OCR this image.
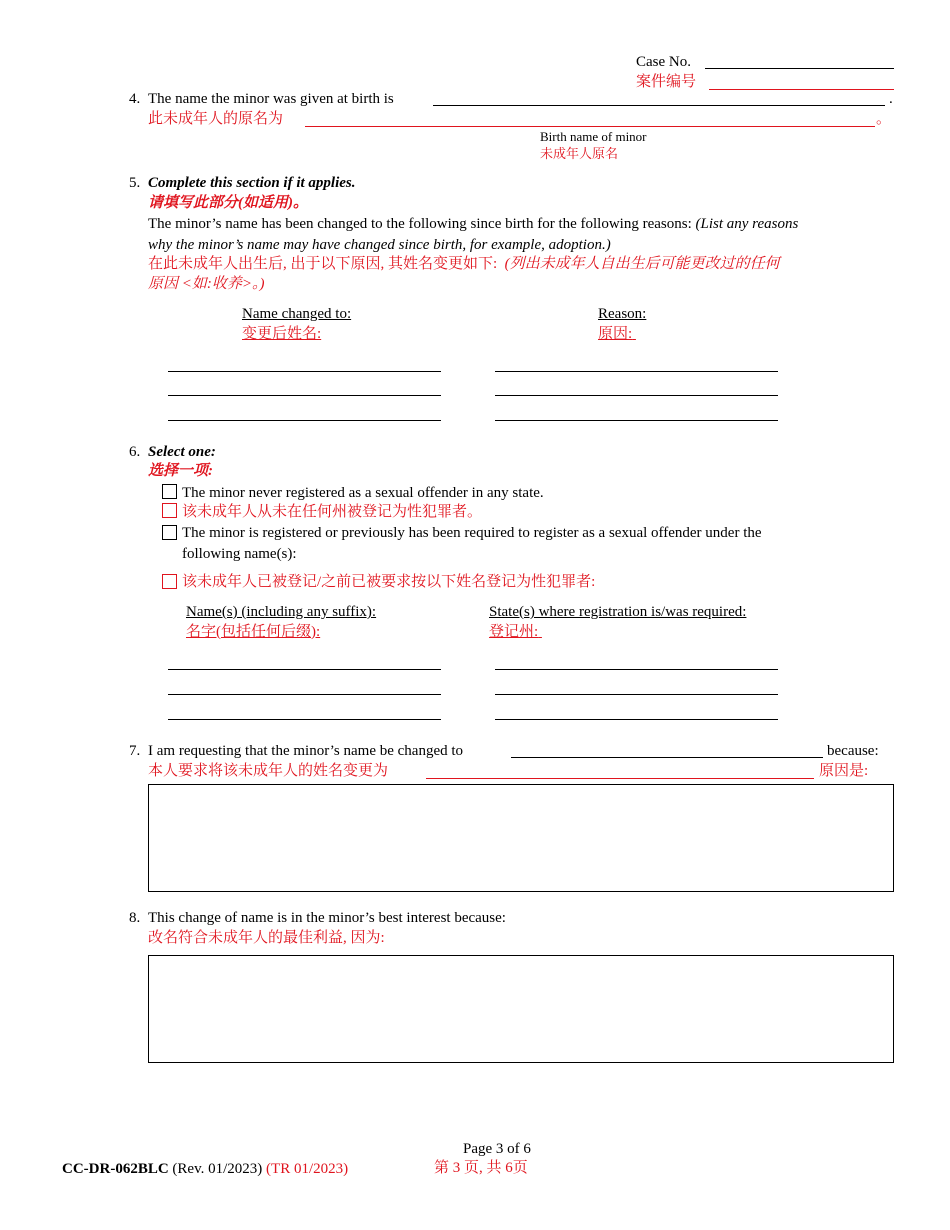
Case No.
案件编号
4. The name the minor was given at birth is	.
此未成年人的原名为	。
Birth name of minor
未成年人原名
5. Complete this section if it applies.
请填写此部分(如适用)。
The minor’s name has been changed to the following since birth for the following reasons: (List any reasons
why the minor’s name may have changed since birth, for example, adoption.)
在此未成年人出生后, 出于以下原因, 其姓名变更如下: (列出未成年人自出生后可能更改过的任何
原因 <如:收养>。)
Name changed to:
变更后姓名:
Reason:
原因:
6. Select one:
选择一项:
The minor never registered as a sexual offender in any state.
该未成年人从未在任何州被登记为性犯罪者。
The minor is registered or previously has been required to register as a sexual offender under the
following name(s):
该未成年人已被登记/之前已被要求按以下姓名登记为性犯罪者:
Name(s) (including any suffix):
名字(包括任何后缀):
State(s) where registration is/was required:
登记州:
7. I am requesting that the minor’s name be changed to	because:
本人要求将该未成年人的姓名变更为	原因是:
8. This change of name is in the minor’s best interest because:
改名符合未成年人的最佳利益, 因为:
Page 3 of 6
第 3 页, 共 6页
CC-DR-062BLC (Rev. 01/2023) (TR 01/2023)
